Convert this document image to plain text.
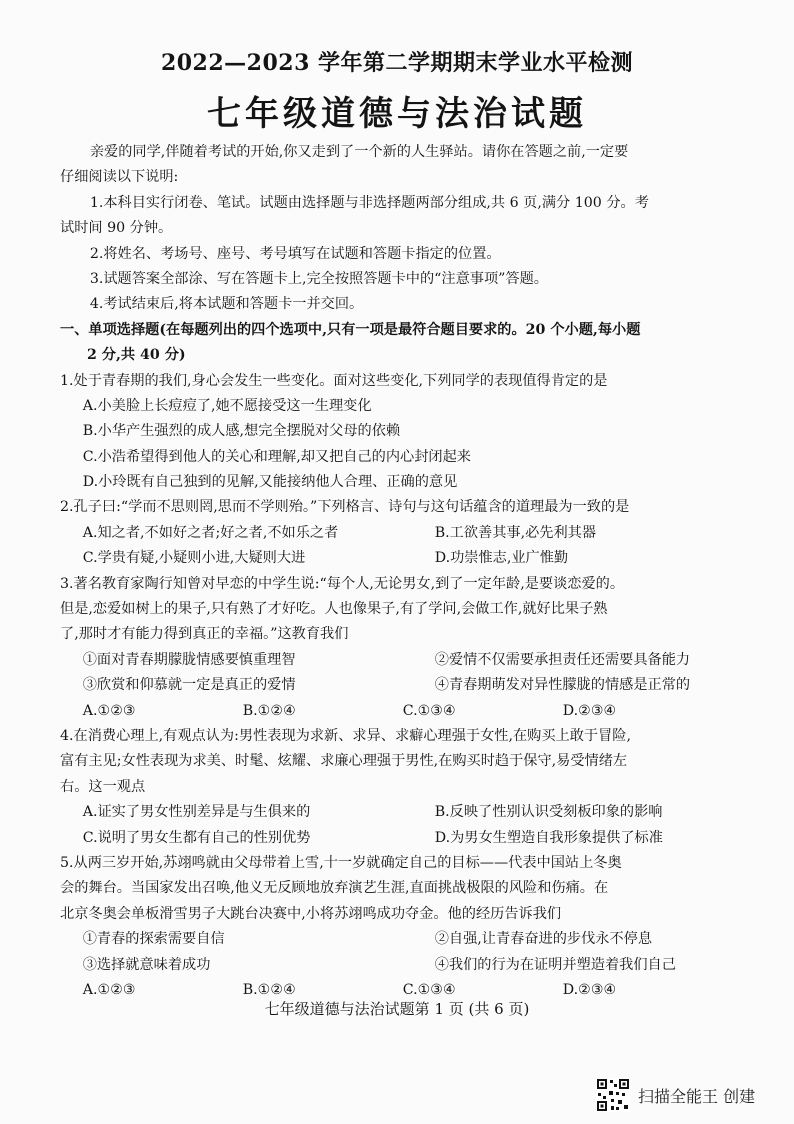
2022—2023 学年第二学期期末学业水平检测
七年级道德与法治试题
亲爱的同学,伴随着考试的开始,你又走到了一个新的人生驿站。请你在答题之前,一定要
仔细阅读以下说明:
1.本科目实行闭卷、笔试。试题由选择题与非选择题两部分组成,共 6 页,满分 100 分。考
试时间 90 分钟。
2.将姓名、考场号、座号、考号填写在试题和答题卡指定的位置。
3.试题答案全部涂、写在答题卡上,完全按照答题卡中的“注意事项”答题。
4.考试结束后,将本试题和答题卡一并交回。
一、单项选择题(在每题列出的四个选项中,只有一项是最符合题目要求的。20 个小题,每小题
2 分,共 40 分)
1.处于青春期的我们,身心会发生一些变化。面对这些变化,下列同学的表现值得肯定的是
A.小美脸上长痘痘了,她不愿接受这一生理变化
B.小华产生强烈的成人感,想完全摆脱对父母的依赖
C.小浩希望得到他人的关心和理解,却又把自己的内心封闭起来
D.小玲既有自己独到的见解,又能接纳他人合理、正确的意见
2.孔子曰:“学而不思则罔,思而不学则殆。”下列格言、诗句与这句话蕴含的道理最为一致的是
A.知之者,不如好之者;好之者,不如乐之者	B.工欲善其事,必先利其器
C.学贵有疑,小疑则小进,大疑则大进	D.功崇惟志,业广惟勤
3.著名教育家陶行知曾对早恋的中学生说:“每个人,无论男女,到了一定年龄,是要谈恋爱的。
但是,恋爱如树上的果子,只有熟了才好吃。人也像果子,有了学问,会做工作,就好比果子熟
了,那时才有能力得到真正的幸福。”这教育我们
①面对青春期朦胧情感要慎重理智	②爱情不仅需要承担责任还需要具备能力
③欣赏和仰慕就一定是真正的爱情	④青春期萌发对异性朦胧的情感是正常的
A.①②③	B.①②④	C.①③④	D.②③④
4.在消费心理上,有观点认为:男性表现为求新、求异、求癖心理强于女性,在购买上敢于冒险,
富有主见;女性表现为求美、时髦、炫耀、求廉心理强于男性,在购买时趋于保守,易受情绪左
右。这一观点
A.证实了男女性别差异是与生俱来的	B.反映了性别认识受刻板印象的影响
C.说明了男女生都有自己的性别优势	D.为男女生塑造自我形象提供了标准
5.从两三岁开始,苏翊鸣就由父母带着上雪,十一岁就确定自己的目标——代表中国站上冬奥
会的舞台。当国家发出召唤,他义无反顾地放弃演艺生涯,直面挑战极限的风险和伤痛。在
北京冬奥会单板滑雪男子大跳台决赛中,小将苏翊鸣成功夺金。他的经历告诉我们
①青春的探索需要自信	②自强,让青春奋进的步伐永不停息
③选择就意味着成功	④我们的行为在证明并塑造着我们自己
A.①②③	B.①②④	C.①③④	D.②③④
七年级道德与法治试题第 1 页 (共 6 页)
扫描全能王 创建
